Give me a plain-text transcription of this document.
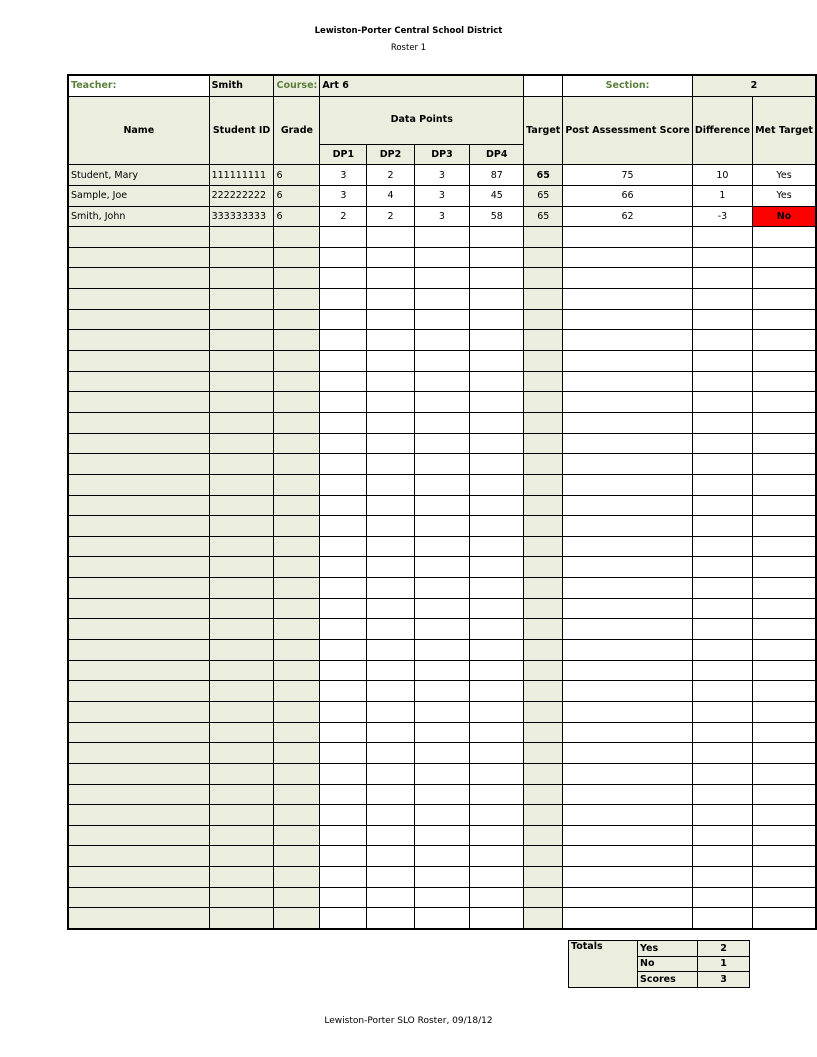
Lewiston-Porter Central School District
Roster 1
Teacher:	Smith	Course:	Art 6					Section:	2	
Name	Student ID	Grade	Data Points				Target	Post Assessment Score	Difference	Met Target
			DP1	DP2	DP3	DP4				
Student, Mary	111111111	6	3	2	3	87	65	75	10	Yes
Sample, Joe	222222222	6	3	4	3	45	65	66	1	Yes
Smith, John	333333333	6	2	2	3	58	65	62	-3	No

Totals	Yes	2
	No	1
	Scores	3
Lewiston-Porter SLO Roster, 09/18/12
